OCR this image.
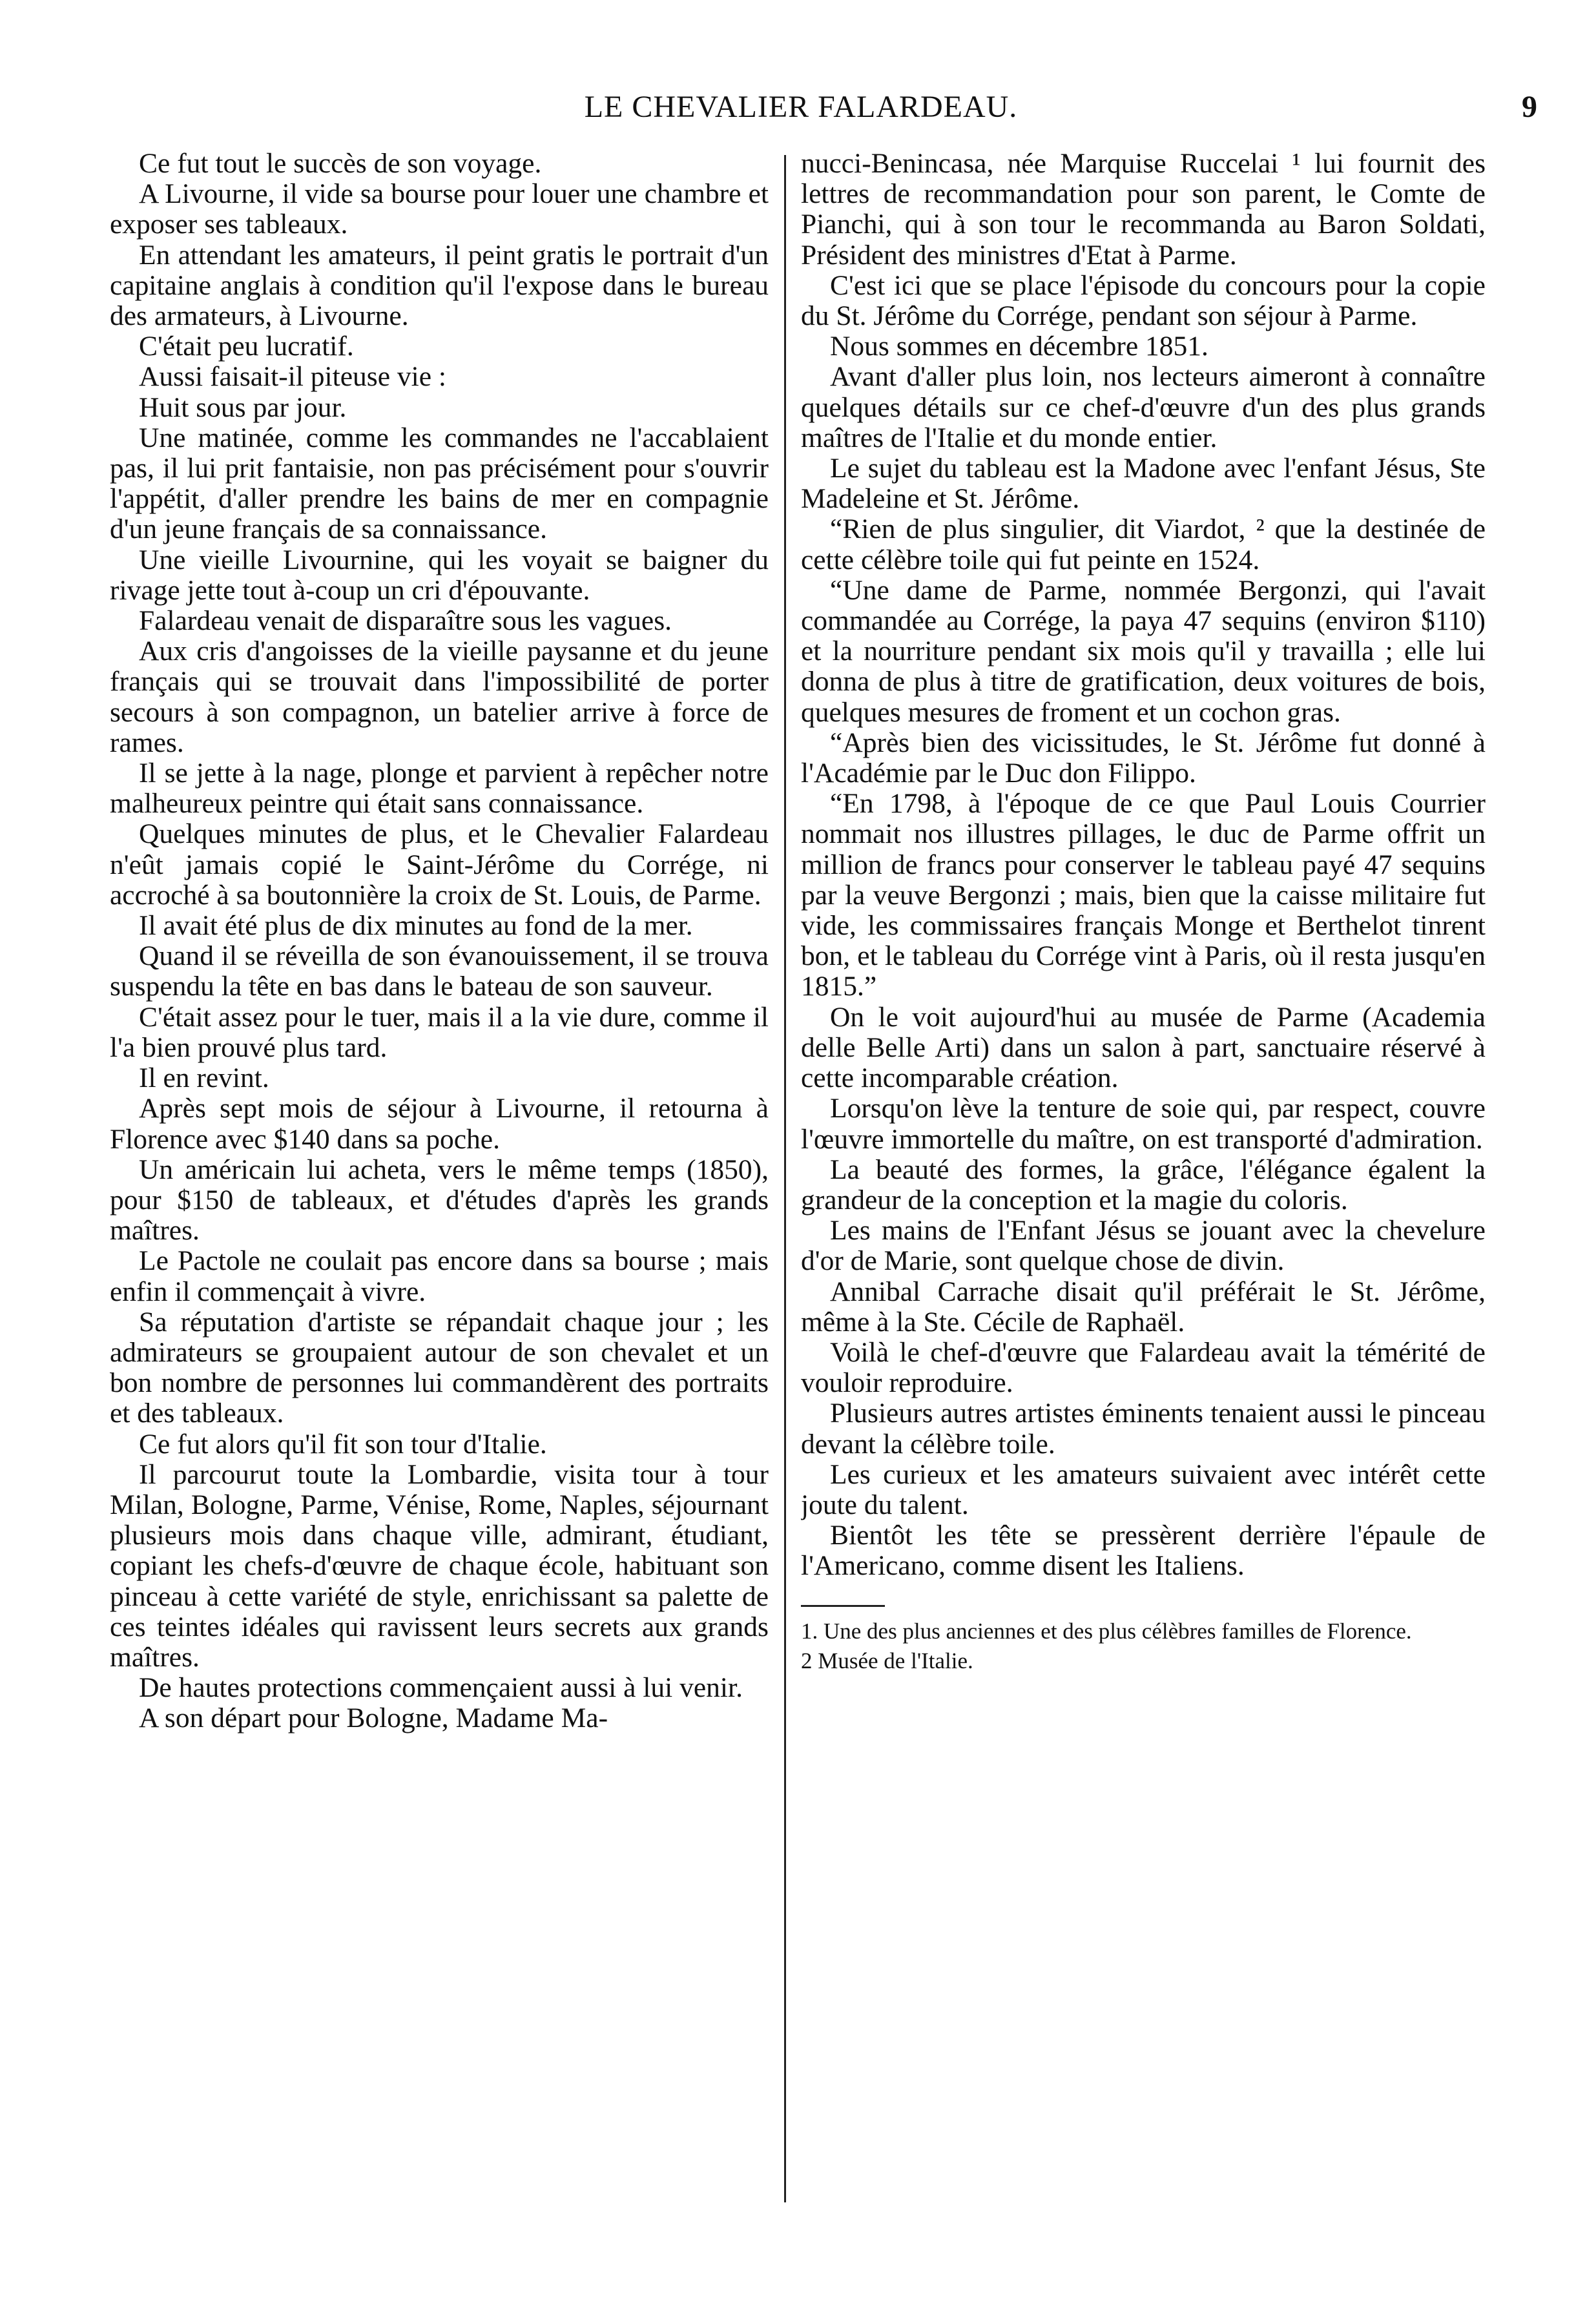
LE CHEVALIER FALARDEAU.	9

Ce fut tout le succès de son voyage.

A Livourne, il vide sa bourse pour louer une chambre et exposer ses tableaux.

En attendant les amateurs, il peint gratis le portrait d'un capitaine anglais à condition qu'il l'expose dans le bureau des armateurs, à Livourne.

C'était peu lucratif.

Aussi faisait-il piteuse vie :

Huit sous par jour.

Une matinée, comme les commandes ne l'accablaient pas, il lui prit fantaisie, non pas précisément pour s'ouvrir l'appétit, d'aller prendre les bains de mer en compagnie d'un jeune français de sa connaissance.

Une vieille Livournine, qui les voyait se baigner du rivage jette tout à-coup un cri d'épouvante.

Falardeau venait de disparaître sous les vagues.

Aux cris d'angoisses de la vieille paysanne et du jeune français qui se trouvait dans l'impossibilité de porter secours à son compagnon, un batelier arrive à force de rames.

Il se jette à la nage, plonge et parvient à repêcher notre malheureux peintre qui était sans connaissance.

Quelques minutes de plus, et le Chevalier Falardeau n'eût jamais copié le Saint-Jérôme du Corrége, ni accroché à sa boutonnière la croix de St. Louis, de Parme.

Il avait été plus de dix minutes au fond de la mer.

Quand il se réveilla de son évanouissement, il se trouva suspendu la tête en bas dans le bateau de son sauveur.

C'était assez pour le tuer, mais il a la vie dure, comme il l'a bien prouvé plus tard.

Il en revint.

Après sept mois de séjour à Livourne, il retourna à Florence avec $140 dans sa poche.

Un américain lui acheta, vers le même temps (1850), pour $150 de tableaux, et d'études d'après les grands maîtres.

Le Pactole ne coulait pas encore dans sa bourse ; mais enfin il commençait à vivre.

Sa réputation d'artiste se répandait chaque jour ; les admirateurs se groupaient autour de son chevalet et un bon nombre de personnes lui commandèrent des portraits et des tableaux.

Ce fut alors qu'il fit son tour d'Italie.

Il parcourut toute la Lombardie, visita tour à tour Milan, Bologne, Parme, Vénise, Rome, Naples, séjournant plusieurs mois dans chaque ville, admirant, étudiant, copiant les chefs-d'œuvre de chaque école, habituant son pinceau à cette variété de style, enrichissant sa palette de ces teintes idéales qui ravissent leurs secrets aux grands maîtres.

De hautes protections commençaient aussi à lui venir.

A son départ pour Bologne, Madame Ma-

nucci-Benincasa, née Marquise Ruccelai ¹ lui fournit des lettres de recommandation pour son parent, le Comte de Pianchi, qui à son tour le recommanda au Baron Soldati, Président des ministres d'Etat à Parme.

C'est ici que se place l'épisode du concours pour la copie du St. Jérôme du Corrége, pendant son séjour à Parme.

Nous sommes en décembre 1851.

Avant d'aller plus loin, nos lecteurs aimeront à connaître quelques détails sur ce chef-d'œuvre d'un des plus grands maîtres de l'Italie et du monde entier.

Le sujet du tableau est la Madone avec l'enfant Jésus, Ste Madeleine et St. Jérôme.

“Rien de plus singulier, dit Viardot, ² que la destinée de cette célèbre toile qui fut peinte en 1524.

“Une dame de Parme, nommée Bergonzi, qui l'avait commandée au Corrége, la paya 47 sequins (environ $110) et la nourriture pendant six mois qu'il y travailla ; elle lui donna de plus à titre de gratification, deux voitures de bois, quelques mesures de froment et un cochon gras.

“Après bien des vicissitudes, le St. Jérôme fut donné à l'Académie par le Duc don Filippo.

“En 1798, à l'époque de ce que Paul Louis Courrier nommait nos illustres pillages, le duc de Parme offrit un million de francs pour conserver le tableau payé 47 sequins par la veuve Bergonzi ; mais, bien que la caisse militaire fut vide, les commissaires français Monge et Berthelot tinrent bon, et le tableau du Corrége vint à Paris, où il resta jusqu'en 1815.”

On le voit aujourd'hui au musée de Parme (Academia delle Belle Arti) dans un salon à part, sanctuaire réservé à cette incomparable création.

Lorsqu'on lève la tenture de soie qui, par respect, couvre l'œuvre immortelle du maître, on est transporté d'admiration.

La beauté des formes, la grâce, l'élégance égalent la grandeur de la conception et la magie du coloris.

Les mains de l'Enfant Jésus se jouant avec la chevelure d'or de Marie, sont quelque chose de divin.

Annibal Carrache disait qu'il préférait le St. Jérôme, même à la Ste. Cécile de Raphaël.

Voilà le chef-d'œuvre que Falardeau avait la témérité de vouloir reproduire.

Plusieurs autres artistes éminents tenaient aussi le pinceau devant la célèbre toile.

Les curieux et les amateurs suivaient avec intérêt cette joute du talent.

Bientôt les tête se pressèrent derrière l'épaule de l'Americano, comme disent les Italiens.

1. Une des plus anciennes et des plus célèbres familles de Florence.
2 Musée de l'Italie.
